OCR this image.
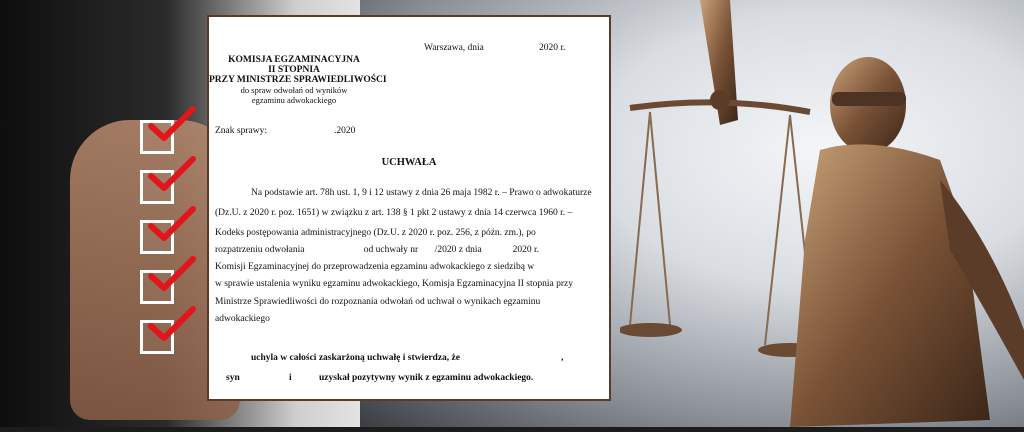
KOMISJA EGZAMINACYJNA
II STOPNIA
PRZY MINISTRZE SPRAWIEDLIWOŚCI
do spraw odwołań od wyników
egzaminu adwokackiego
Warszawa, dnia	2020 r.
Znak sprawy:	.2020
UCHWAŁA
Na podstawie art. 78h ust. 1, 9 i 12 ustawy z dnia 26 maja 1982 r. – Prawo o adwokaturze
(Dz.U. z 2020 r. poz. 1651) w związku z art. 138 § 1 pkt 2 ustawy z dnia 14 czerwca 1960 r. –
Kodeks postępowania administracyjnego (Dz.U. z 2020 r. poz. 256, z późn. zm.), po
rozpatrzeniu odwołania                         od uchwały nr       /2020 z dnia             2020 r.
Komisji Egzaminacyjnej do przeprowadzenia egzaminu adwokackiego z siedzibą w
w sprawie ustalenia wyniku egzaminu adwokackiego, Komisja Egzaminacyjna II stopnia przy
Ministrze Sprawiedliwości do rozpoznania odwołań od uchwał o wynikach egzaminu
adwokackiego
uchyla w całości zaskarżoną uchwałę i stwierdza, że	,
syn	i	uzyskał pozytywny wynik z egzaminu adwokackiego.
